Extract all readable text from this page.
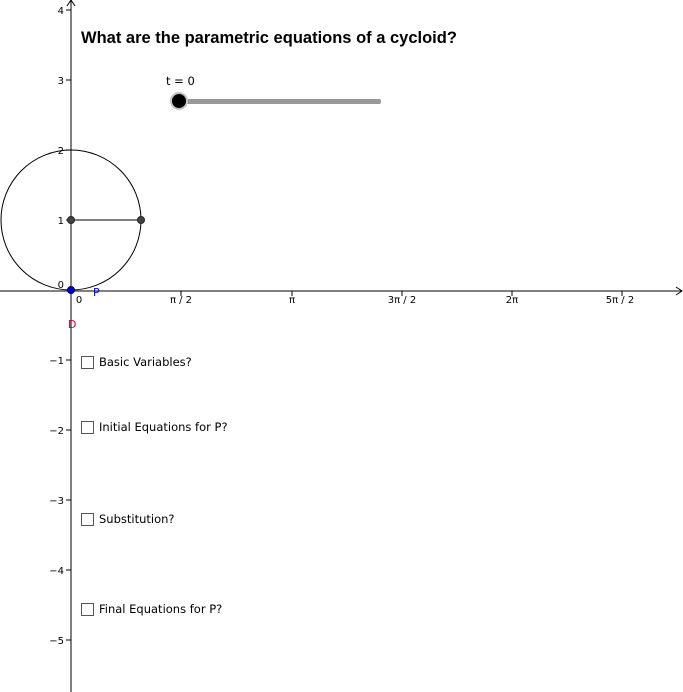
0	π / 2	π	3π / 2	2π	5π / 2
4
3
2
1
0
−1
−2
−3
−4
−5
P
D
What are the parametric equations of a cycloid?
t = 0
Basic Variables?
Initial Equations for P?
Substitution?
Final Equations for P?
